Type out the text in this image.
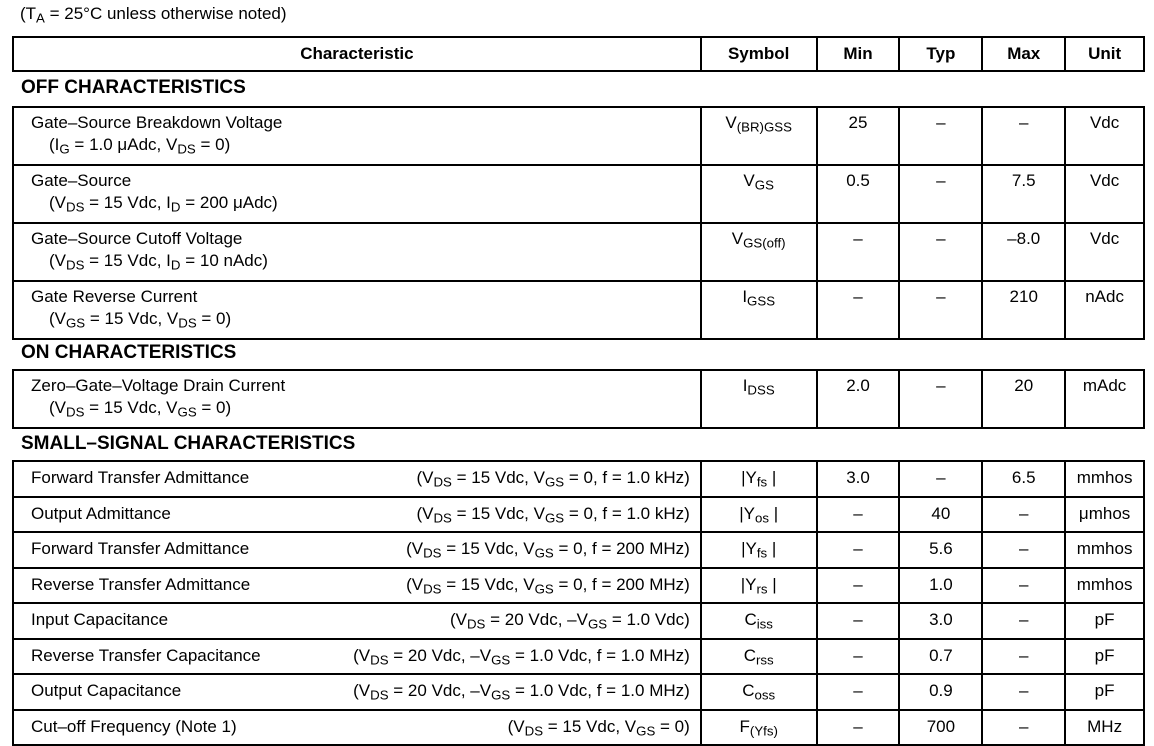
($T_A = 25^\circ C$ unless otherwise noted)
Characteristic	Symbol	Min	Typ	Max	Unit
OFF CHARACTERISTICS
Gate–Source Breakdown Voltage
($I_G = 1.0$ μAdc, $V_{DS} = 0$)
$V_{(BR)GSS}$	25	–	–	Vdc
Gate–Source
($V_{DS} = 15$ Vdc, $I_D = 200$ μAdc)
$V_{GS}$	0.5	–	7.5	Vdc
Gate–Source Cutoff Voltage
($V_{DS} = 15$ Vdc, $I_D = 10$ nAdc)
$V_{GS(off)}$	–	–	–8.0	Vdc
Gate Reverse Current
($V_{GS} = 15$ Vdc, $V_{DS} = 0$)
$I_{GSS}$	–	–	210	nAdc
ON CHARACTERISTICS
Zero–Gate–Voltage Drain Current
($V_{DS} = 15$ Vdc, $V_{GS} = 0$)
$I_{DSS}$	2.0	–	20	mAdc
SMALL–SIGNAL CHARACTERISTICS
Forward Transfer Admittance	($V_{DS} = 15$ Vdc, $V_{GS} = 0$, f = 1.0 kHz)	$|Y_{fs}$ |	3.0	–	6.5	mmhos
Output Admittance	($V_{DS} = 15$ Vdc, $V_{GS} = 0$, f = 1.0 kHz)	$|Y_{os}$ |	–	40	–	μmhos
Forward Transfer Admittance	($V_{DS} = 15$ Vdc, $V_{GS} = 0$, f = 200 MHz)	$|Y_{fs}$ |	–	5.6	–	mmhos
Reverse Transfer Admittance	($V_{DS} = 15$ Vdc, $V_{GS} = 0$, f = 200 MHz)	$|Y_{rs}$ |	–	1.0	–	mmhos
Input Capacitance	($V_{DS} = 20$ Vdc, $-V_{GS} = 1.0$ Vdc)	$C_{iss}$	–	3.0	–	pF
Reverse Transfer Capacitance	($V_{DS} = 20$ Vdc, $-V_{GS} = 1.0$ Vdc, f = 1.0 MHz)	$C_{rss}$	–	0.7	–	pF
Output Capacitance	($V_{DS} = 20$ Vdc, $-V_{GS} = 1.0$ Vdc, f = 1.0 MHz)	$C_{oss}$	–	0.9	–	pF
Cut–off Frequency (Note 1)	($V_{DS} = 15$ Vdc, $V_{GS} = 0$)	$F_{(Yfs)}$	–	700	–	MHz
